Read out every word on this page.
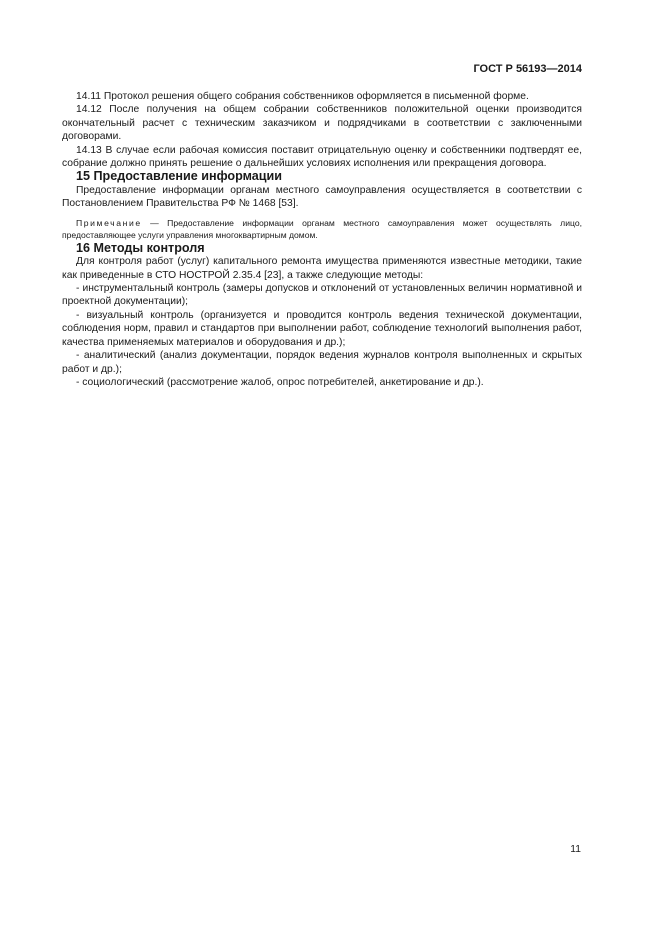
ГОСТ Р 56193—2014

14.11 Протокол решения общего собрания собственников оформляется в письменной форме.

14.12 После получения на общем собрании собственников положительной оценки производится окончательный расчет с техническим заказчиком и подрядчиками в соответствии с заключенными договорами.

14.13 В случае если рабочая комиссия поставит отрицательную оценку и собственники подтвердят ее, собрание должно принять решение о дальнейших условиях исполнения или прекращения договора.

15 Предоставление информации

Предоставление информации органам местного самоуправления осуществляется в соответствии с Постановлением Правительства РФ № 1468 [53].

Примечание — Предоставление информации органам местного самоуправления может осуществлять лицо, предоставляющее услуги управления многоквартирным домом.

16 Методы контроля

Для контроля работ (услуг) капитального ремонта имущества применяются известные методики, такие как приведенные в СТО НОСТРОЙ 2.35.4 [23], а также следующие методы:

- инструментальный контроль (замеры допусков и отклонений от установленных величин нормативной и проектной документации);

- визуальный контроль (организуется и проводится контроль ведения технической документации, соблюдения норм, правил и стандартов при выполнении работ, соблюдение технологий выполнения работ, качества применяемых материалов и оборудования и др.);

- аналитический (анализ документации, порядок ведения журналов контроля выполненных и скрытых работ и др.);

- социологический (рассмотрение жалоб, опрос потребителей, анкетирование и др.).

11
